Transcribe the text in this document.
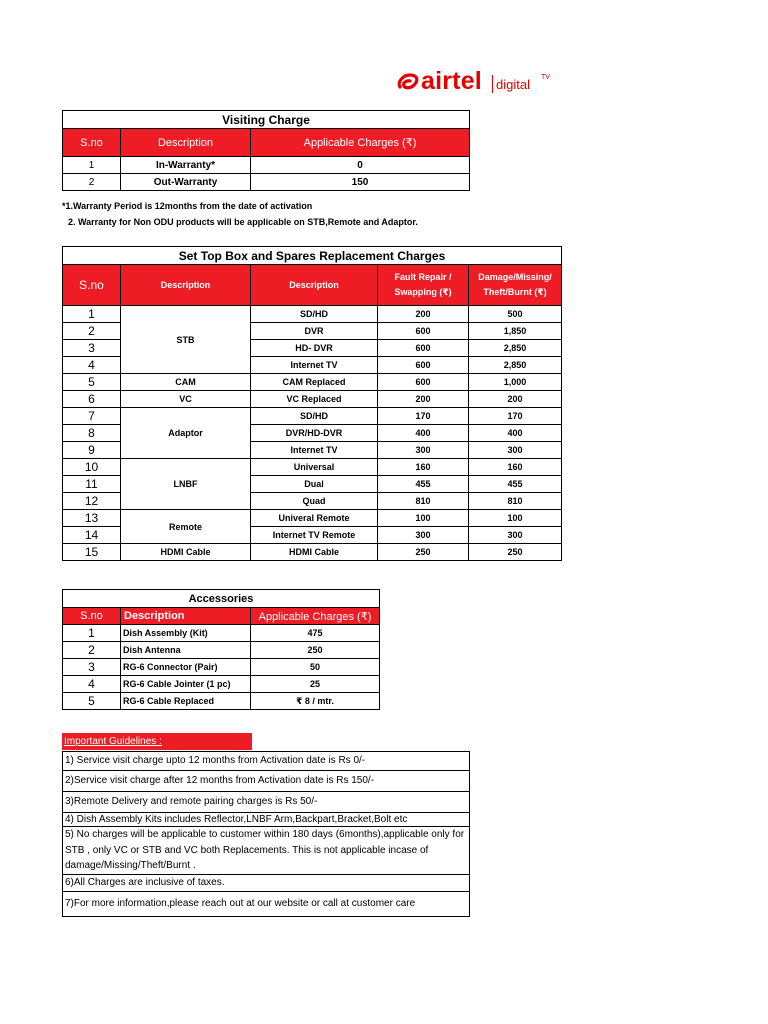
airtel digital TV
Visiting Charge		
S.no	Description	Applicable Charges (₹)
1	In-Warranty*	0
2	Out-Warranty	150
*1.Warranty Period is 12months from the date of activation
2. Warranty for Non ODU products will be applicable on STB,Remote and Adaptor.
Set Top Box and Spares Replacement Charges				
S.no	Description	Description	Fault Repair / Swapping (₹)	Damage/Missing/ Theft/Burnt (₹)
1	STB	SD/HD	200	500
2		DVR	600	1,850
3		HD- DVR	600	2,850
4		Internet TV	600	2,850
5	CAM	CAM Replaced	600	1,000
6	VC	VC Replaced	200	200
7	Adaptor	SD/HD	170	170
8		DVR/HD-DVR	400	400
9		Internet TV	300	300
10	LNBF	Universal	160	160
11		Dual	455	455
12		Quad	810	810
13	Remote	Univeral Remote	100	100
14		Internet TV Remote	300	300
15	HDMI Cable	HDMI Cable	250	250
Accessories		
S.no	Description	Applicable Charges (₹)
1	Dish Assembly (Kit)	475
2	Dish Antenna	250
3	RG-6 Connector (Pair)	50
4	RG-6 Cable Jointer (1 pc)	25
5	RG-6 Cable Replaced	₹ 8 / mtr.
Important Guidelines :
1) Service visit charge upto 12 months from Activation date is Rs 0/-
2)Service visit charge after 12 months from Activation date is Rs 150/-
3)Remote Delivery and remote pairing charges is Rs 50/-
4) Dish Assembly Kits includes Reflector,LNBF Arm,Backpart,Bracket,Bolt etc
5) No charges will be applicable to customer within 180 days (6months),applicable only for STB , only VC or STB and VC both Replacements. This is not applicable incase of damage/Missing/Theft/Burnt .
6)All Charges are inclusive of taxes.
7)For more information,please reach out at our website or call at customer care
